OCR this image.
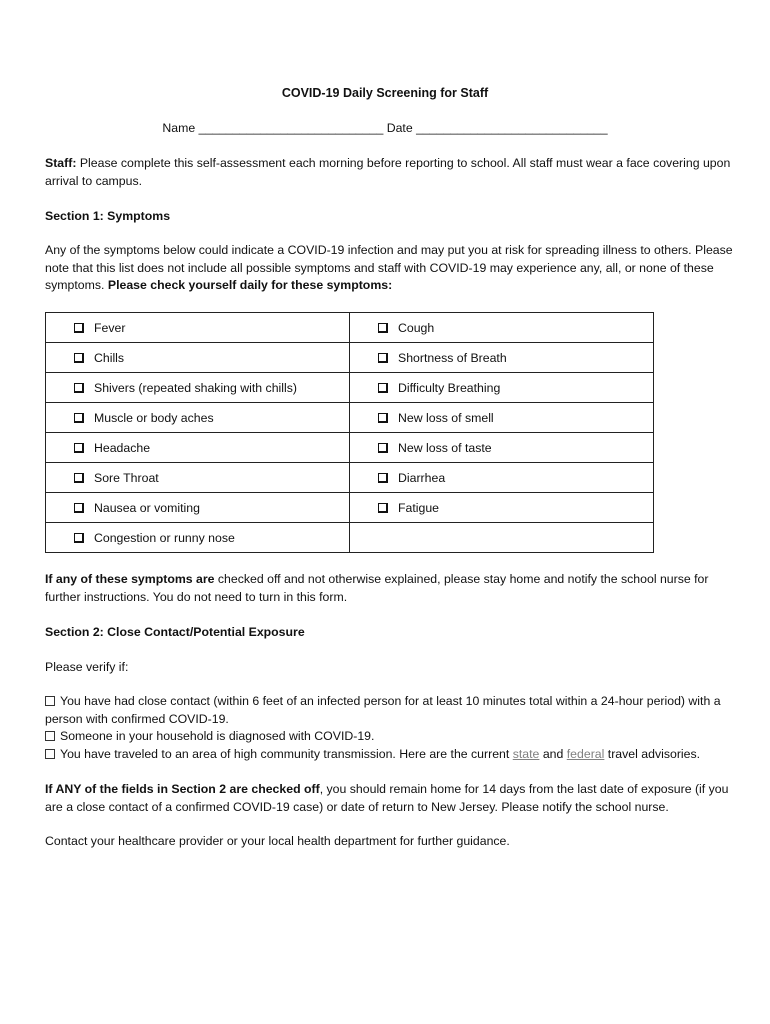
COVID-19 Daily Screening for Staff
Name ___________________________ Date ____________________________
Staff: Please complete this self-assessment each morning before reporting to school. All staff must wear a face covering upon arrival to campus.
Section 1: Symptoms
Any of the symptoms below could indicate a COVID-19 infection and may put you at risk for spreading illness to others. Please note that this list does not include all possible symptoms and staff with COVID-19 may experience any, all, or none of these symptoms. Please check yourself daily for these symptoms:
Fever	Cough
Chills	Shortness of Breath
Shivers (repeated shaking with chills)	Difficulty Breathing
Muscle or body aches	New loss of smell
Headache	New loss of taste
Sore Throat	Diarrhea
Nausea or vomiting	Fatigue
Congestion or runny nose	
If any of these symptoms are checked off and not otherwise explained, please stay home and notify the school nurse for further instructions. You do not need to turn in this form.
Section 2: Close Contact/Potential Exposure
Please verify if:
You have had close contact (within 6 feet of an infected person for at least 10 minutes total within a 24-hour period) with a person with confirmed COVID-19.
Someone in your household is diagnosed with COVID-19.
You have traveled to an area of high community transmission. Here are the current state and federal travel advisories.
If ANY of the fields in Section 2 are checked off, you should remain home for 14 days from the last date of exposure (if you are a close contact of a confirmed COVID-19 case) or date of return to New Jersey. Please notify the school nurse.
Contact your healthcare provider or your local health department for further guidance.
